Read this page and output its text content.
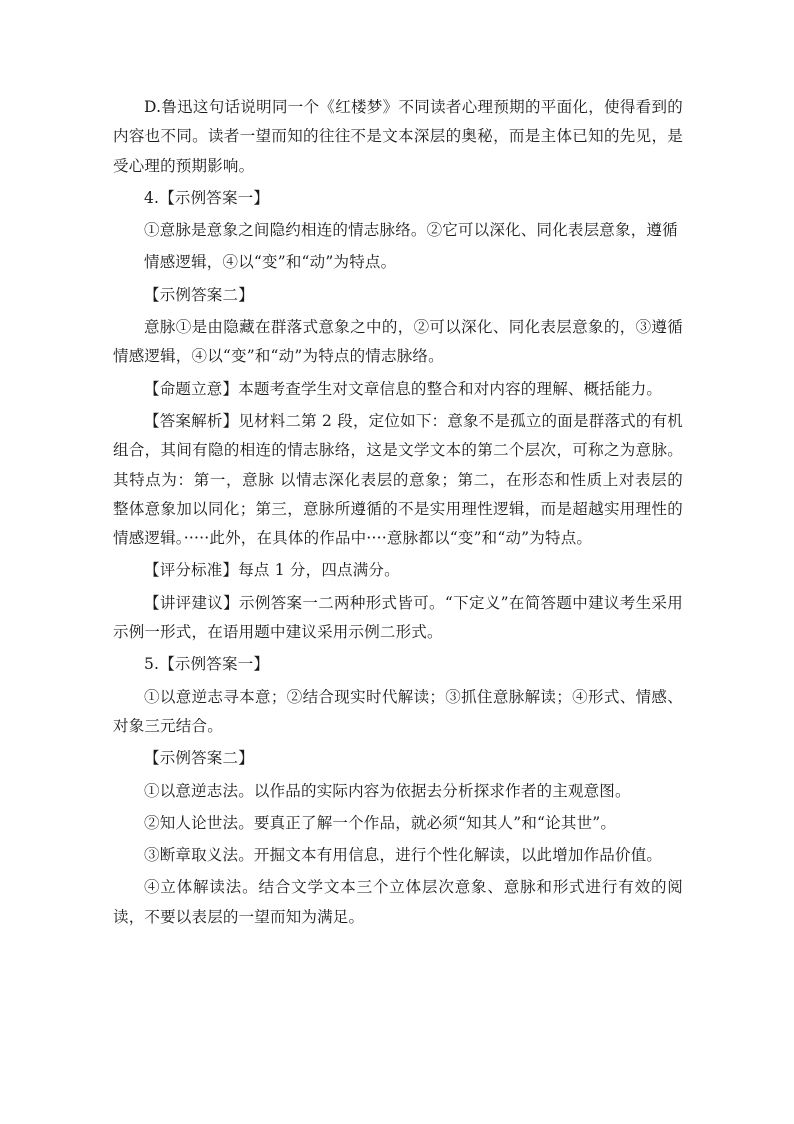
D.鲁迅这句话说明同一个《红楼梦》不同读者心理预期的平面化，使得看到的内容也不同。读者一望而知的往往不是文本深层的奥秘，而是主体已知的先见，是受心理的预期影响。

4.【示例答案一】

①意脉是意象之间隐约相连的情志脉络。②它可以深化、同化表层意象，遵循

情感逻辑，④以“变”和“动”为特点。

【示例答案二】

意脉①是由隐藏在群落式意象之中的，②可以深化、同化表层意象的，③遵循情感逻辑，④以“变”和“动”为特点的情志脉络。

【命题立意】本题考查学生对文章信息的整合和对内容的理解、概括能力。

【答案解析】见材料二第 2 段，定位如下：意象不是孤立的面是群落式的有机组合，其间有隐的相连的情志脉络，这是文学文本的第二个层次，可称之为意脉。其特点为：第一，意脉 以情志深化表层的意象；第二，在形态和性质上对表层的整体意象加以同化；第三，意脉所遵循的不是实用理性逻辑，而是超越实用理性的情感逻辑。·····此外，在具体的作品中····意脉都以“变”和“动”为特点。

【评分标准】每点 1 分，四点满分。

【讲评建议】示例答案一二两种形式皆可。“下定义”在简答题中建议考生采用示例一形式，在语用题中建议采用示例二形式。

5.【示例答案一】

①以意逆志寻本意；②结合现实时代解读；③抓住意脉解读；④形式、情感、对象三元结合。

【示例答案二】

①以意逆志法。以作品的实际内容为依据去分析探求作者的主观意图。

②知人论世法。要真正了解一个作品，就必须“知其人”和“论其世”。

③断章取义法。开掘文本有用信息，进行个性化解读，以此增加作品价值。

④立体解读法。结合文学文本三个立体层次意象、意脉和形式进行有效的阅读，不要以表层的一望而知为满足。
